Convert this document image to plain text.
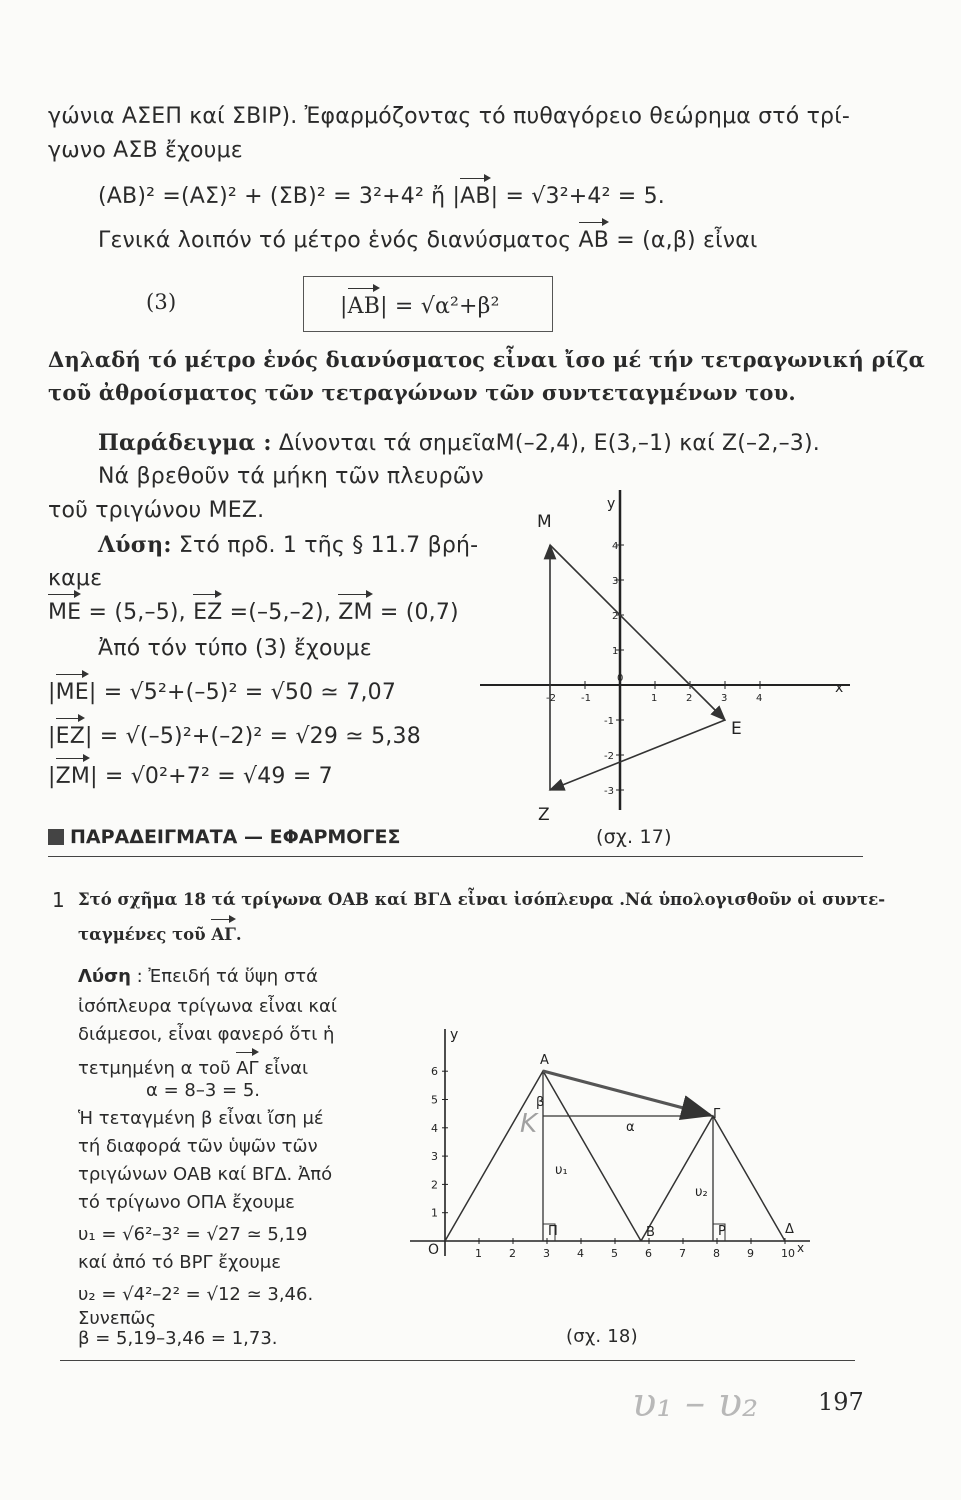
γώνια ΑΣΕΠ καί ΣΒΙΡ). Ἐφαρμόζοντας τό πυθαγόρειο θεώρημα στό τρί-
γωνο ΑΣΒ ἔχουμε
(ΑΒ)² =(ΑΣ)² + (ΣΒ)² = 3²+4² ἤ |ΑΒ| = √3²+4² = 5.
Γενικά λοιπόν τό μέτρο ἑνός διανύσματος ΑΒ = (α,β) εἶναι
(3)	|ΑΒ| = √α²+β²
Δηλαδή τό μέτρο ἑνός διανύσματος εἶναι ἴσο μέ τήν τετραγωνική ρίζα
τοῦ ἀθροίσματος τῶν τετραγώνων τῶν συντεταγμένων του.
Παράδειγμα : Δίνονται τά σημεῖαΜ(–2,4), Ε(3,–1) καί Ζ(–2,–3).
Νά βρεθοῦν τά μήκη τῶν πλευρῶν
τοῦ τριγώνου ΜΕΖ.
Λύση: Στό πρδ. 1 τῆς § 11.7 βρή-
καμε
ΜΕ = (5,–5), ΕΖ =(–5,–2), ΖΜ = (0,7)
Ἀπό τόν τύπο (3) ἔχουμε
|ΜΕ| = √5²+(–5)² = √50 ≃ 7,07
|ΕΖ| = √(–5)²+(–2)² = √29 ≃ 5,38
|ΖΜ| = √0²+7² = √49 = 7
-2	-1
0
1	2	3	4
4
3
2
1
-1
-2
-3
x
y
Μ
Ε
Ζ
ΠΑΡΑΔΕΙΓΜΑΤΑ — ΕΦΑΡΜΟΓΕΣ	(σχ. 17)
1 Στό σχῆμα 18 τά τρίγωνα ΟΑΒ καί ΒΓΔ εἶναι ἰσόπλευρα .Νά ὑπολογισθοῦν οἱ συντε-
ταγμένες τοῦ ΑΓ.
Λύση : Ἐπειδή τά ὕψη στά
ἰσόπλευρα τρίγωνα εἶναι καί
διάμεσοι, εἶναι φανερό ὅτι ἡ
τετμημένη α τοῦ ΑΓ εἶναι
α = 8–3 = 5.
Ἡ τεταγμένη β εἶναι ἴση μέ
τή διαφορά τῶν ὑψῶν τῶν
τριγώνων ΟΑΒ καί ΒΓΔ. Ἀπό
τό τρίγωνο ΟΠΑ ἔχουμε
υ₁ = √6²–3² = √27 ≃ 5,19
καί ἀπό τό ΒΡΓ ἔχουμε
υ₂ = √4²–2² = √12 ≃ 3,46.
Συνεπῶς
β = 5,19–3,46 = 1,73.
1 2 3 4 5 6 7 8 9 10
1
2
3
4
5
6
x
y
O
A
B
Γ
Δ
Π	P
α
β
υ₁
υ₂
Κ
(σχ. 18)
υ₁ – υ₂ 197
